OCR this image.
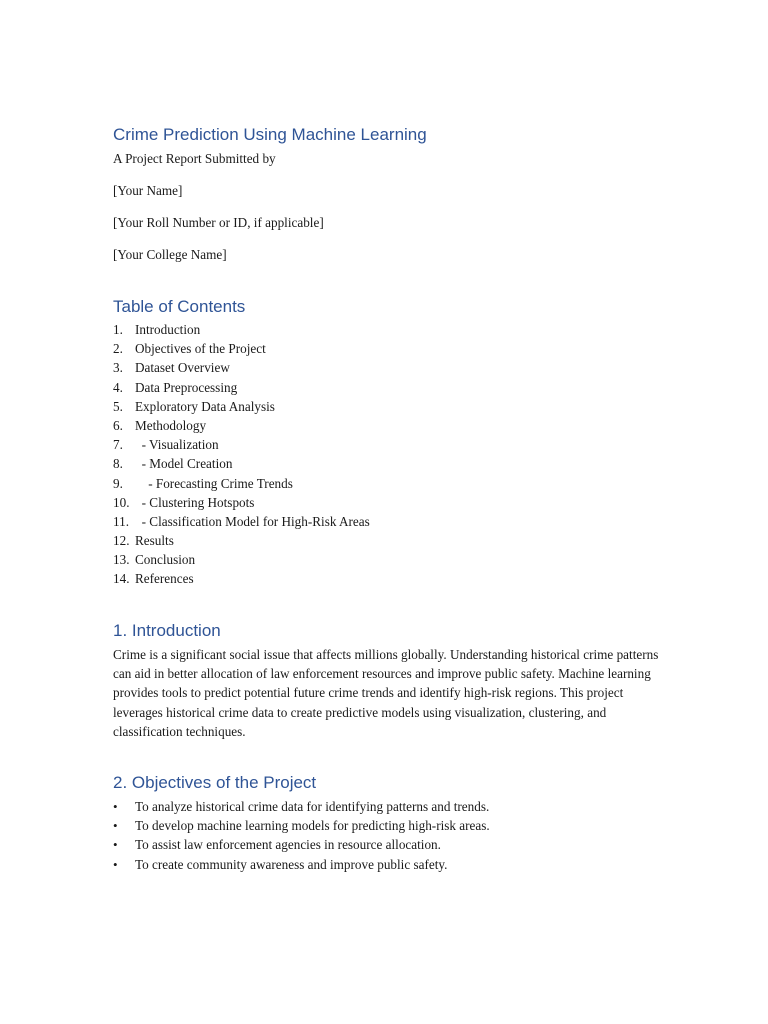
Crime Prediction Using Machine Learning

A Project Report Submitted by

[Your Name]

[Your Roll Number or ID, if applicable]

[Your College Name]

Table of Contents
1. Introduction
2. Objectives of the Project
3. Dataset Overview
4. Data Preprocessing
5. Exploratory Data Analysis
6. Methodology
7.  - Visualization
8.  - Model Creation
9.    - Forecasting Crime Trends
10.  - Clustering Hotspots
11.  - Classification Model for High-Risk Areas
12. Results
13. Conclusion
14. References
1. Introduction

Crime is a significant social issue that affects millions globally. Understanding historical crime patterns can aid in better allocation of law enforcement resources and improve public safety. Machine learning provides tools to predict potential future crime trends and identify high-risk regions. This project leverages historical crime data to create predictive models using visualization, clustering, and classification techniques.

2. Objectives of the Project
• To analyze historical crime data for identifying patterns and trends.
• To develop machine learning models for predicting high-risk areas.
• To assist law enforcement agencies in resource allocation.
• To create community awareness and improve public safety.
